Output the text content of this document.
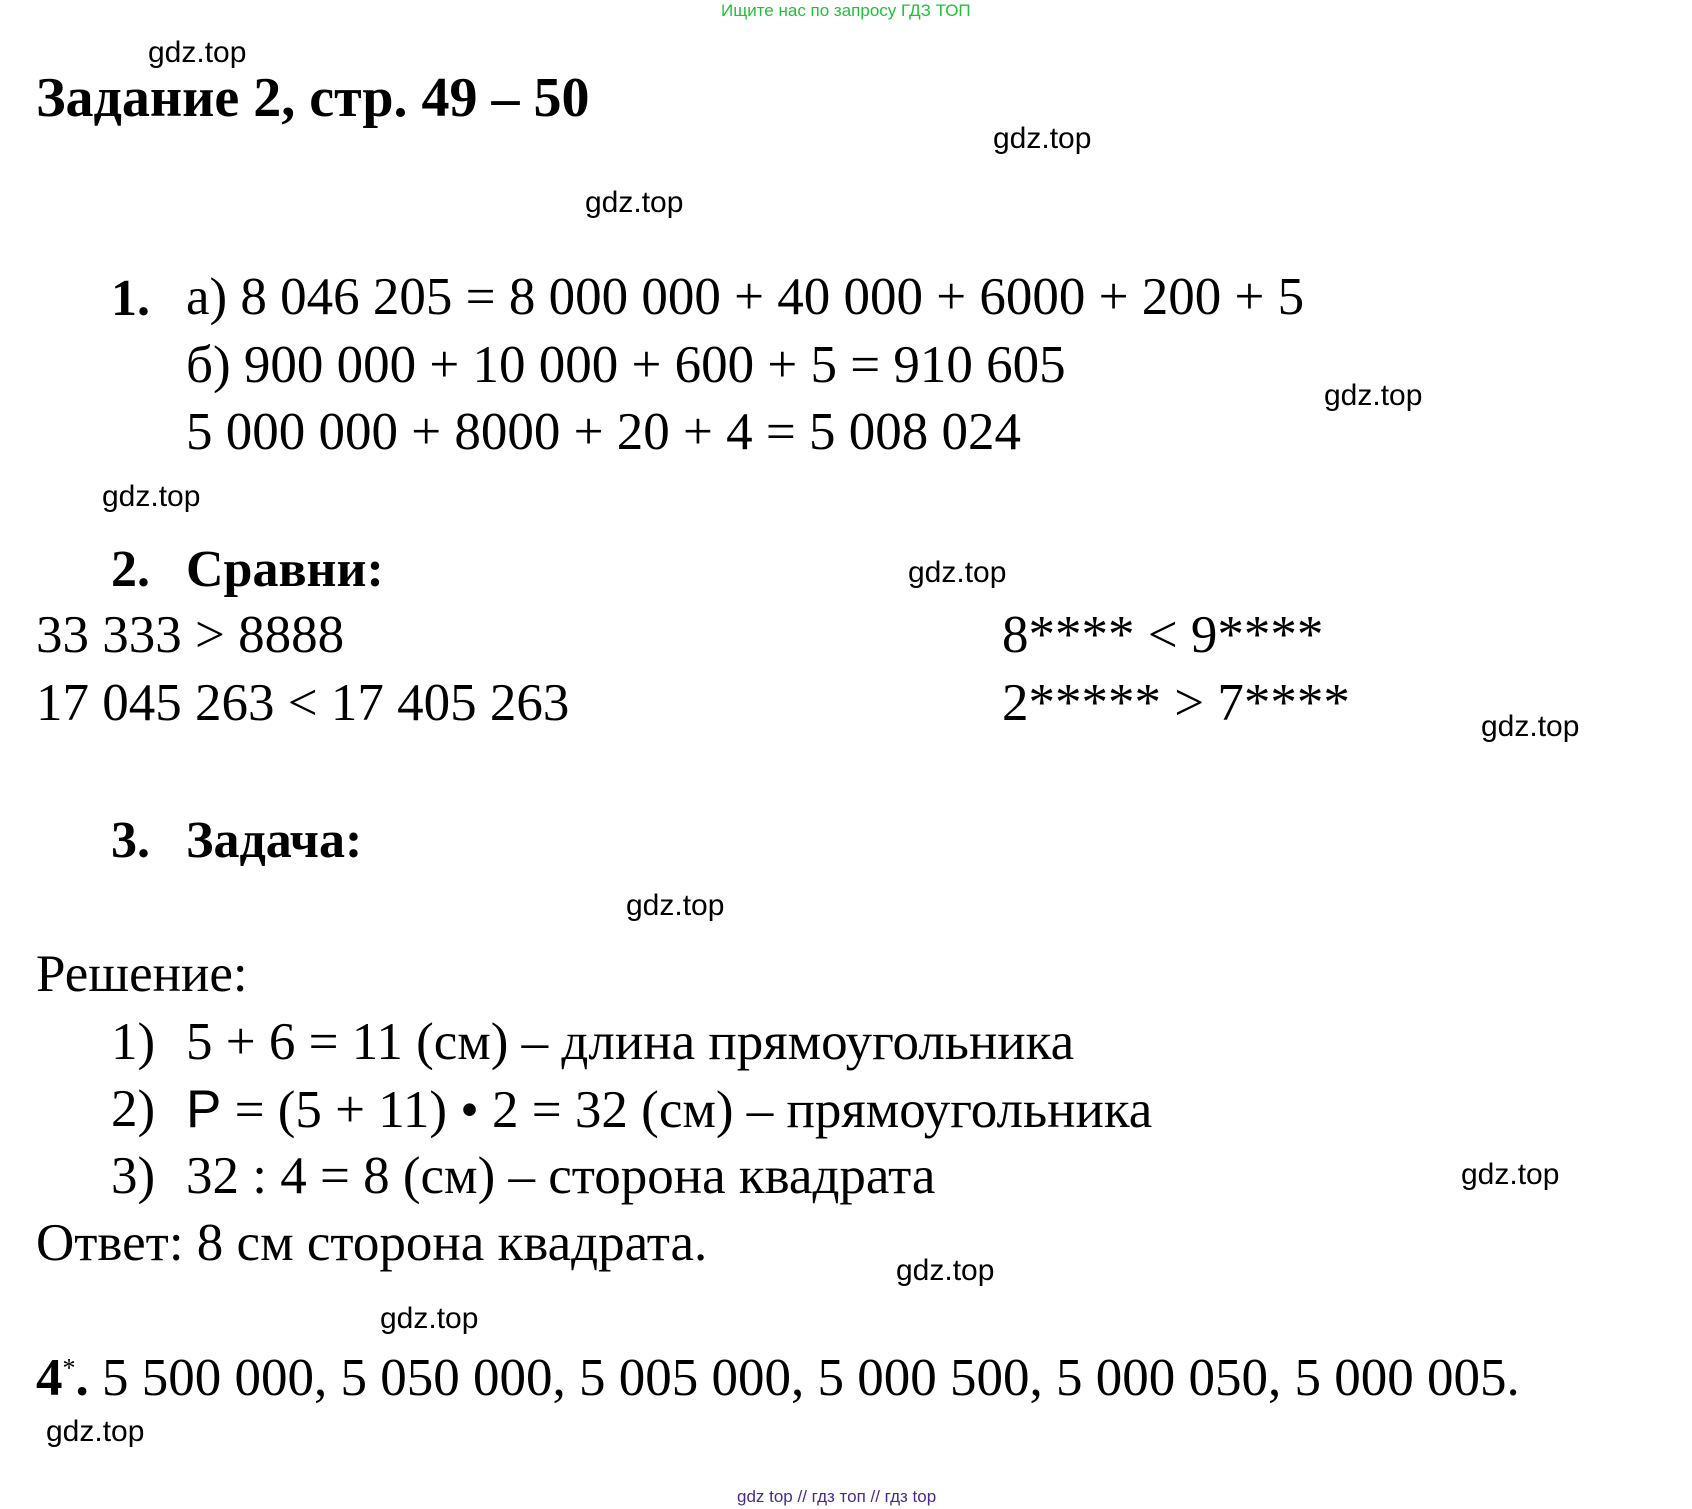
Ищите нас по запросу ГДЗ ТОП
gdz top // гдз топ // гдз top
gdz.top
gdz.top
gdz.top
gdz.top
gdz.top
gdz.top
gdz.top
gdz.top
gdz.top
gdz.top
gdz.top
gdz.top
Задание 2, стр. 49 – 50
1. а) 8 046 205 = 8 000 000 + 40 000 + 6000 + 200 + 5
б) 900 000 + 10 000 + 600 + 5 = 910 605
5 000 000 + 8000 + 20 + 4 = 5 008 024
2. Сравни:
33 333 > 8888
17 045 263 < 17 405 263
8**** < 9****
2***** > 7****
3. Задача:
Решение:
1) 5 + 6 = 11 (см) – длина прямоугольника
2) P = (5 + 11) • 2 = 32 (см) – прямоугольника
3) 32 : 4 = 8 (см) – сторона квадрата
Ответ: 8 см сторона квадрата.
4*. 5 500 000, 5 050 000, 5 005 000, 5 000 500, 5 000 050, 5 000 005.
